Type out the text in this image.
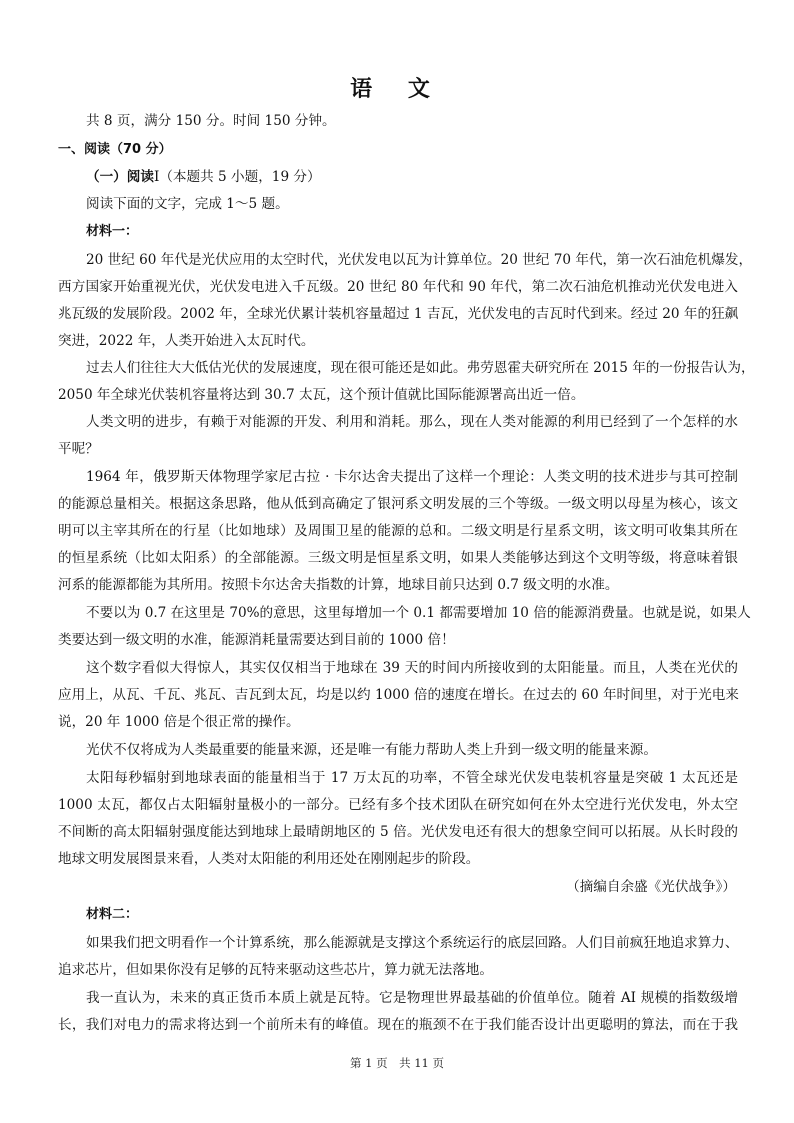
语 文
共 8 页，满分 150 分。时间 150 分钟。
一、阅读（70 分）
（一）阅读I（本题共 5 小题，19 分）
阅读下面的文字，完成 1～5 题。
材料一：
20 世纪 60 年代是光伏应用的太空时代，光伏发电以瓦为计算单位。20 世纪 70 年代，第一次石油危机爆发，
西方国家开始重视光伏，光伏发电进入千瓦级。20 世纪 80 年代和 90 年代，第二次石油危机推动光伏发电进入
兆瓦级的发展阶段。2002 年，全球光伏累计装机容量超过 1 吉瓦，光伏发电的吉瓦时代到来。经过 20 年的狂飙
突进，2022 年，人类开始进入太瓦时代。
过去人们往往大大低估光伏的发展速度，现在很可能还是如此。弗劳恩霍夫研究所在 2015 年的一份报告认为，
2050 年全球光伏装机容量将达到 30.7 太瓦，这个预计值就比国际能源署高出近一倍。
人类文明的进步，有赖于对能源的开发、利用和消耗。那么，现在人类对能源的利用已经到了一个怎样的水
平呢？
1964 年，俄罗斯天体物理学家尼古拉 · 卡尔达舍夫提出了这样一个理论：人类文明的技术进步与其可控制
的能源总量相关。根据这条思路，他从低到高确定了银河系文明发展的三个等级。一级文明以母星为核心，该文
明可以主宰其所在的行星（比如地球）及周围卫星的能源的总和。二级文明是行星系文明，该文明可收集其所在
的恒星系统（比如太阳系）的全部能源。三级文明是恒星系文明，如果人类能够达到这个文明等级，将意味着银
河系的能源都能为其所用。按照卡尔达舍夫指数的计算，地球目前只达到 0.7 级文明的水准。
不要以为 0.7 在这里是 70%的意思，这里每增加一个 0.1 都需要增加 10 倍的能源消费量。也就是说，如果人
类要达到一级文明的水准，能源消耗量需要达到目前的 1000 倍！
这个数字看似大得惊人，其实仅仅相当于地球在 39 天的时间内所接收到的太阳能量。而且，人类在光伏的
应用上，从瓦、千瓦、兆瓦、吉瓦到太瓦，均是以约 1000 倍的速度在增长。在过去的 60 年时间里，对于光电来
说，20 年 1000 倍是个很正常的操作。
光伏不仅将成为人类最重要的能量来源，还是唯一有能力帮助人类上升到一级文明的能量来源。
太阳每秒辐射到地球表面的能量相当于 17 万太瓦的功率，不管全球光伏发电装机容量是突破 1 太瓦还是
1000 太瓦，都仅占太阳辐射量极小的一部分。已经有多个技术团队在研究如何在外太空进行光伏发电，外太空
不间断的高太阳辐射强度能达到地球上最晴朗地区的 5 倍。光伏发电还有很大的想象空间可以拓展。从长时段的
地球文明发展图景来看，人类对太阳能的利用还处在刚刚起步的阶段。
（摘编自余盛《光伏战争》）
材料二：
如果我们把文明看作一个计算系统，那么能源就是支撑这个系统运行的底层回路。人们目前疯狂地追求算力、
追求芯片，但如果你没有足够的瓦特来驱动这些芯片，算力就无法落地。
我一直认为，未来的真正货币本质上就是瓦特。它是物理世界最基础的价值单位。随着 AI 规模的指数级增
长，我们对电力的需求将达到一个前所未有的峰值。现在的瓶颈不在于我们能否设计出更聪明的算法，而在于我
第 1 页　共 11 页
